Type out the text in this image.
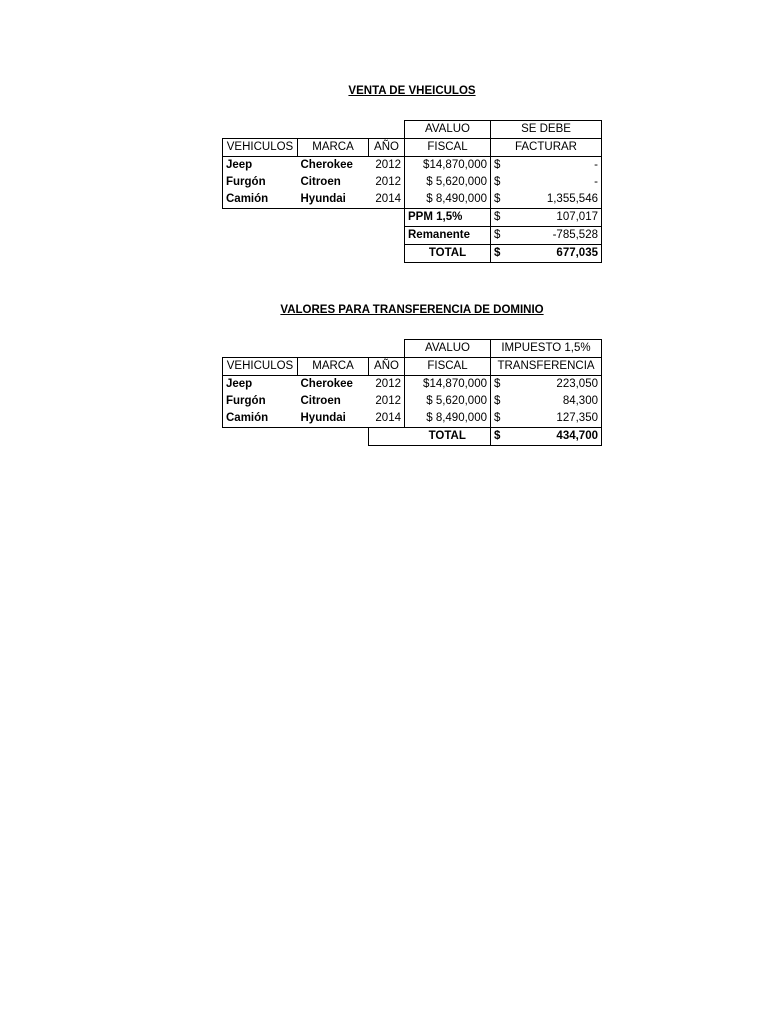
VENTA DE VHEICULOS
			AVALUO	SE DEBE
VEHICULOS	MARCA	AÑO	FISCAL	FACTURAR
Jeep	Cherokee	2012	$14,870,000	$ -

Furgón	Citroen	2012	$ 5,620,000	$ -

Camión	Hyundai	2014	$ 8,490,000	$ 1,355,546

			PPM 1,5%	$ 107,017

			Remanente	$ -785,528

			TOTAL	$ 677,035
VALORES PARA TRANSFERENCIA DE DOMINIO
			AVALUO	IMPUESTO 1,5%
VEHICULOS	MARCA	AÑO	FISCAL	TRANSFERENCIA
Jeep	Cherokee	2012	$14,870,000	$ 223,050

Furgón	Citroen	2012	$ 5,620,000	$ 84,300

Camión	Hyundai	2014	$ 8,490,000	$ 127,350

			TOTAL	$ 434,700
